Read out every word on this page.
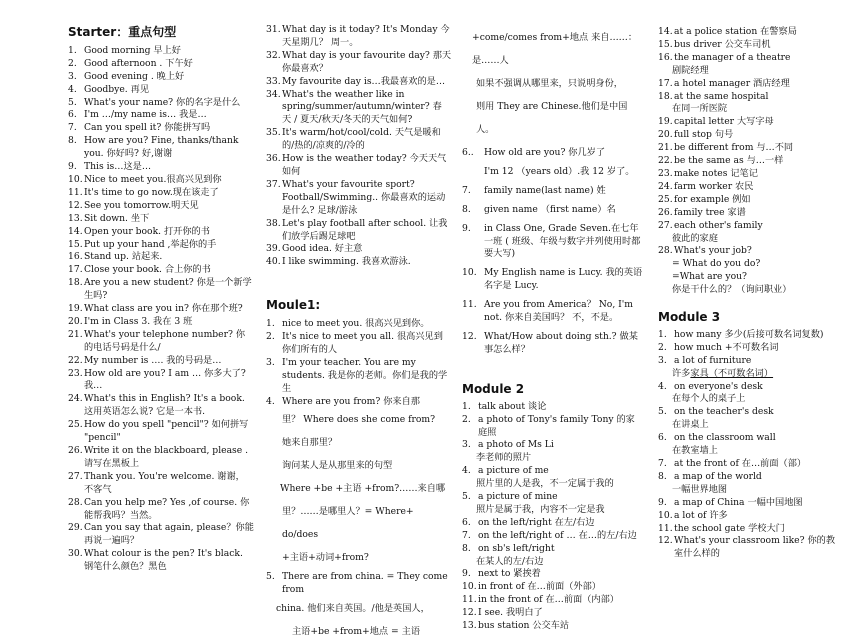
Starter：重点句型
1. Good morning 早上好
2. Good afternoon . 下午好
3. Good evening . 晚上好
4. Goodbye. 再见
5. What's your name? 你的名字是什么
6. I'm …/my name is… 我是…
7. Can you spell it? 你能拼写吗
8. How are you? Fine, thanks/thank you. 你好吗? 好,谢谢
9. This is…这是…
10. Nice to meet you.很高兴见到你
11. It's time to go now.现在该走了
12. See you tomorrow.明天见
13. Sit down. 坐下
14. Open your book. 打开你的书
15. Put up your hand ,举起你的手
16. Stand up. 站起来.
17. Close your book. 合上你的书
18. Are you a new student? 你是一个新学生吗?
19. What class are you in? 你在那个班?
20. I'm in Class 3. 我在 3 班
21. What's your telephone number? 你的电话号码是什么/
22. My number is …. 我的号码是…
23. How old are you? I am … 你多大了? 我…
24. What's this in English? It's a book. 这用英语怎么说? 它是一本书.
25. How do you spell "pencil"? 如何拼写 "pencil"
26. Write it on the blackboard, please . 请写在黑板上
27. Thank you. You're welcome. 谢谢，不客气
28. Can you help me? Yes ,of course. 你能帮我吗？当然。
29. Can you say that again, please？你能再说一遍吗？
30. What colour is the pen? It's black. 钢笔什么颜色？黑色
31. What day is it today? It's Monday 今天星期几？ 周一。
32. What day is your favourite day? 那天你最喜欢？
33. My favourite day is…我最喜欢的是…
34. What's the weather like in spring/summer/autumn/winter? 春 天 / 夏天/秋天/冬天的天气如何?
35. It's warm/hot/cool/cold. 天气是暖和的/热的/凉爽的/冷的
36. How is the weather today? 今天天气如何
37. What's your favourite sport? Football/Swimming.. 你最喜欢的运动是什么? 足球/游泳
38. Let's play football after school. 让我们放学后踢足球吧
39. Good idea. 好主意
40. I like swimming. 我喜欢游泳.
Moule1:
1. nice to meet you. 很高兴见到你。
2. It's nice to meet you all. 很高兴见到你们所有的人
3. I'm your teacher. You are my students. 我是你的老师。你们是我的学生
4. Where are you from? 你来自那
里？ Where does she come from?
她来自那里？
询问某人是从那里来的句型
Where +be +主语 +from?……来自哪
里？……是哪里人？= Where+ do/does
+主语+动词+from?
5. There are from china. = They come from
china. 他们来自英国。/他是英国人，
主语+be +from+地点 = 主语
+come/comes from+地点 来自……：
是……人
如果不强调从哪里来，只说明身份，
则用 They are Chinese.他们是中国人。
6..	How old are you? 你几岁了
I'm 12 （years old）.我 12 岁了。
7.	family name(last name) 姓
8.	given name （first name）名
9.	in Class One, Grade Seven.在七年一班 ( 班级、年级与数字并列使用时都要大写)
10. My English name is Lucy. 我的英语名字是 Lucy.
11. Are you from America？ No, I'm not. 你来自美国吗？ 不，不是。
12. What/How about doing sth.? 做某事怎么样？
Module 2
1. talk about 谈论
2. a photo of Tony's family Tony 的家庭照
3. a photo of Ms Li
李老师的照片
4. a picture of me
照片里的人是我，不一定属于我的
5. a picture of mine
照片是属于我，内容不一定是我
6. on the left/right 在左/右边
7. on the left/right of … 在…的左/右边
8. on sb's left/right
在某人的左/右边
9. next to 紧挨着
10. in front of 在…前面（外部）
11. in the front of 在…前面（内部）
12. I see. 我明白了
13. bus station 公交车站
14. at a police station 在警察局
15. bus driver 公交车司机
16. the manager of a theatre
剧院经理
17. a hotel manager 酒店经理
18. at the same hospital
在同一所医院
19. capital letter 大写字母
20. full stop 句号
21. be different from 与…不同
22. be the same as 与…一样
23. make notes 记笔记
24. farm worker 农民
25. for example 例如
26. family tree 家谱
27. each other's family
彼此的家庭
28. What's your job?
= What do you do?
=What are you?
你是干什么的？（询问职业）
Module 3
1. how many 多少(后接可数名词复数)
2. how much +不可数名词
3. a lot of furniture
许多家具（不可数名词）
4. on everyone's desk
在每个人的桌子上
5. on the teacher's desk
在讲桌上
6. on the classroom wall
在教室墙上
7. at the front of 在…前面（部）
8. a map of the world
一幅世界地图
9. a map of China 一幅中国地图
10. a lot of 许多
11. the school gate 学校大门
12. What's your classroom like? 你的教室什么样的
